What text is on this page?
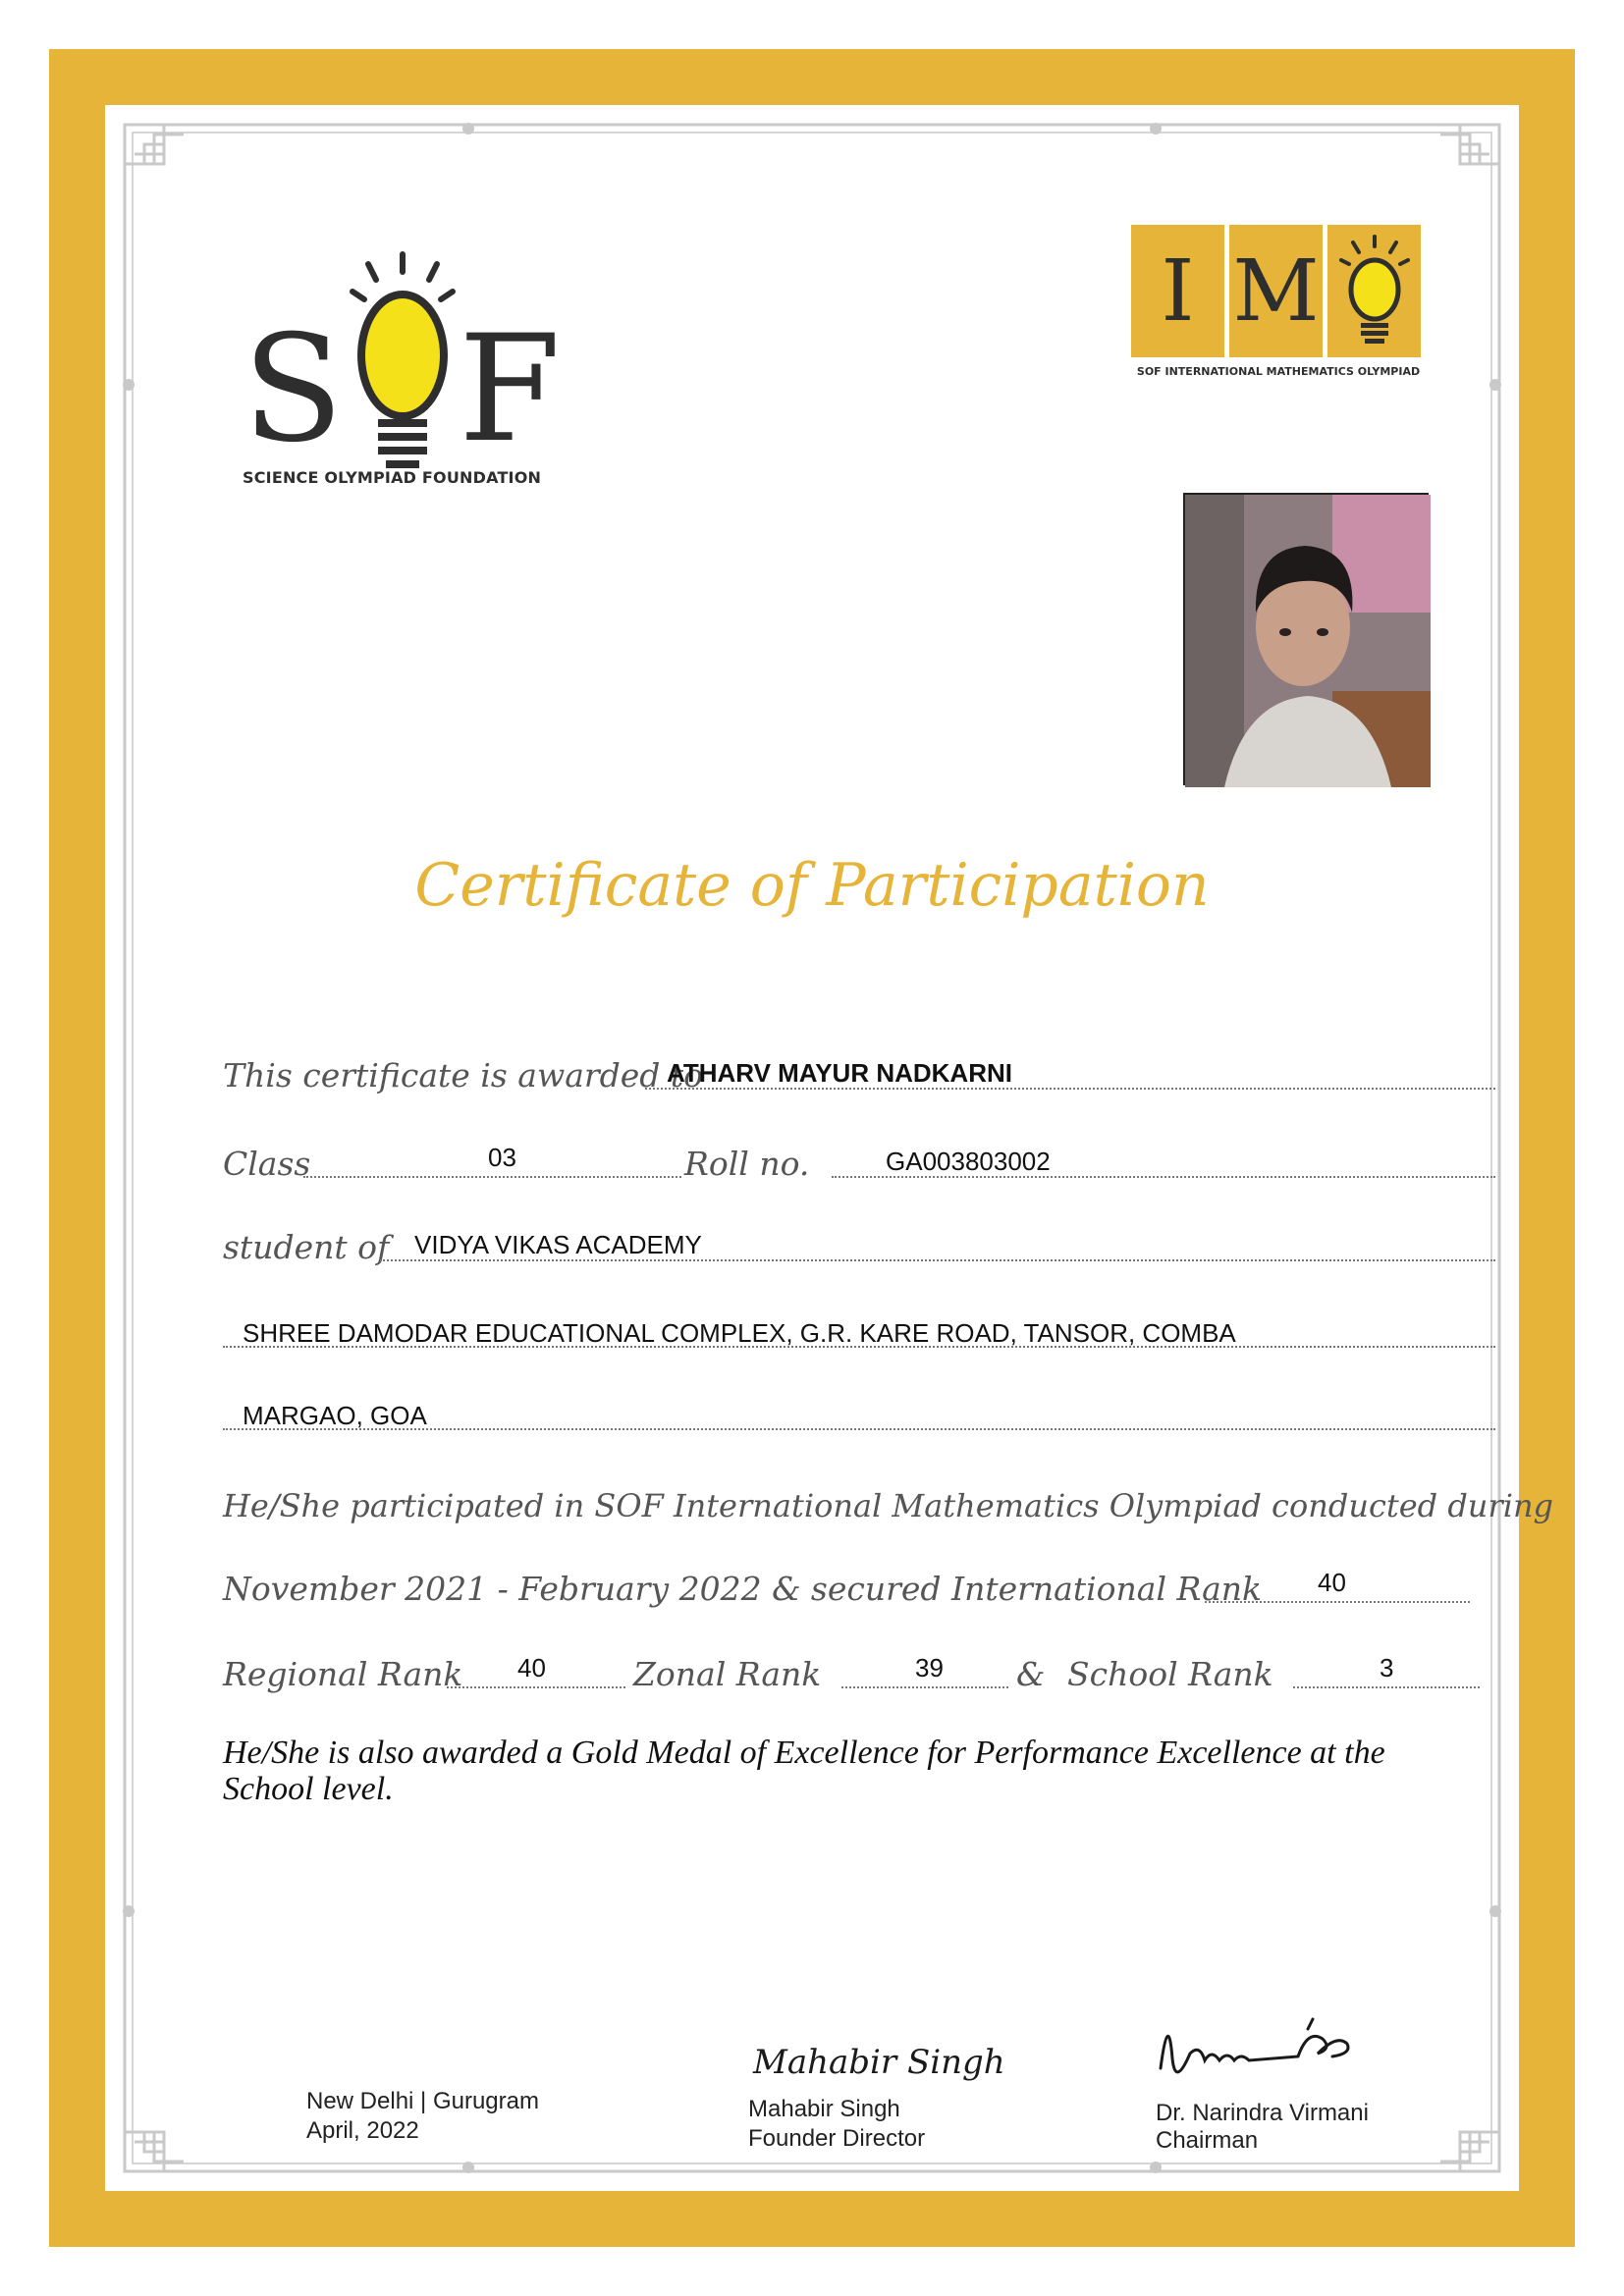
S F
SCIENCE OLYMPIAD FOUNDATION
I M
SOF INTERNATIONAL MATHEMATICS OLYMPIAD
Certificate of Participation
This certificate is awarded to
ATHARV MAYUR NADKARNI
Class	03	Roll no.	GA003803002
student of VIDYA VIKAS ACADEMY
SHREE DAMODAR EDUCATIONAL COMPLEX, G.R. KARE ROAD, TANSOR, COMBA
MARGAO, GOA
He/She participated in SOF International Mathematics Olympiad conducted during
November 2021 - February 2022 & secured International Rank 40
Regional Rank 40	Zonal Rank	39 & School Rank	3
He/She is also awarded a Gold Medal of Excellence for Performance Excellence at the School level.
New Delhi | Gurugram
April, 2022
Mahabir Singh
Mahabir Singh
Founder Director
Dr. Narindra Virmani
Chairman
